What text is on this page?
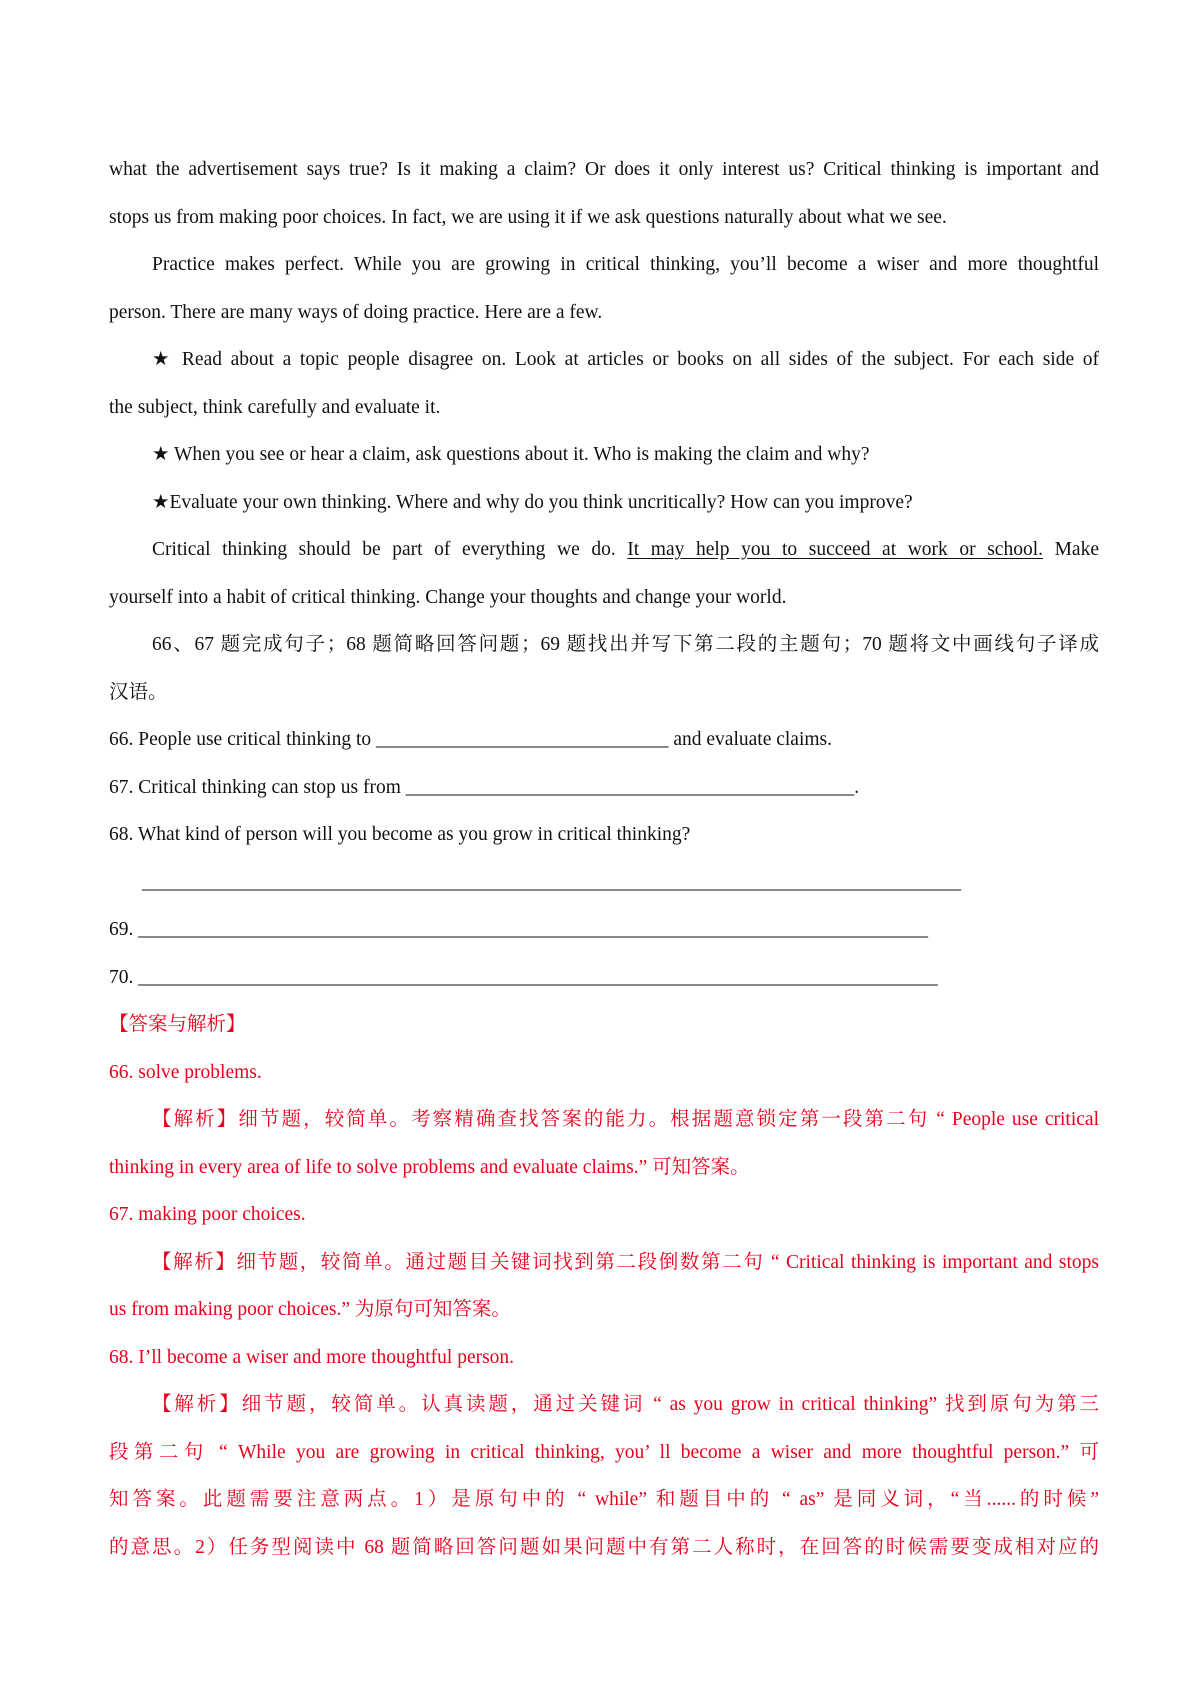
what the advertisement says true? Is it making a claim? Or does it only interest us? Critical thinking is important and
stops us from making poor choices. In fact, we are using it if we ask questions naturally about what we see.
Practice makes perfect. While you are growing in critical thinking, you’ll become a wiser and more thoughtful
person. There are many ways of doing practice. Here are a few.
★ Read about a topic people disagree on. Look at articles or books on all sides of the subject. For each side of
the subject, think carefully and evaluate it.
★ When you see or hear a claim, ask questions about it. Who is making the claim and why?
★Evaluate your own thinking. Where and why do you think uncritically? How can you improve?
Critical thinking should be part of everything we do. It may help you to succeed at work or school. Make
yourself into a habit of critical thinking. Change your thoughts and change your world.
66、67 题完成句子；68 题简略回答问题；69 题找出并写下第二段的主题句；70 题将文中画线句子译成
汉语。
66. People use critical thinking to ______________________________ and evaluate claims.
67. Critical thinking can stop us from ______________________________________________.
68. What kind of person will you become as you grow in critical thinking?
____________________________________________________________________________________
69. _________________________________________________________________________________
70. __________________________________________________________________________________
【答案与解析】
66. solve problems.
【解析】细节题，较简单。考察精确查找答案的能力。根据题意锁定第一段第二句 “ People use critical
thinking in every area of life to solve problems and evaluate claims.” 可知答案。
67. making poor choices.
【解析】细节题，较简单。通过题目关键词找到第二段倒数第二句 “ Critical thinking is important and stops
us from making poor choices.” 为原句可知答案。
68. I’ll become a wiser and more thoughtful person.
【解析】细节题，较简单。认真读题，通过关键词 “ as you grow in critical thinking” 找到原句为第三
段第二句 “ While you are growing in critical thinking, you’ ll become a wiser and more thoughtful person.” 可
知答案。此题需要注意两点。1）是原句中的 “ while” 和题目中的 “ as” 是同义词，“当......的时候”
的意思。2）任务型阅读中 68 题简略回答问题如果问题中有第二人称时，在回答的时候需要变成相对应的
